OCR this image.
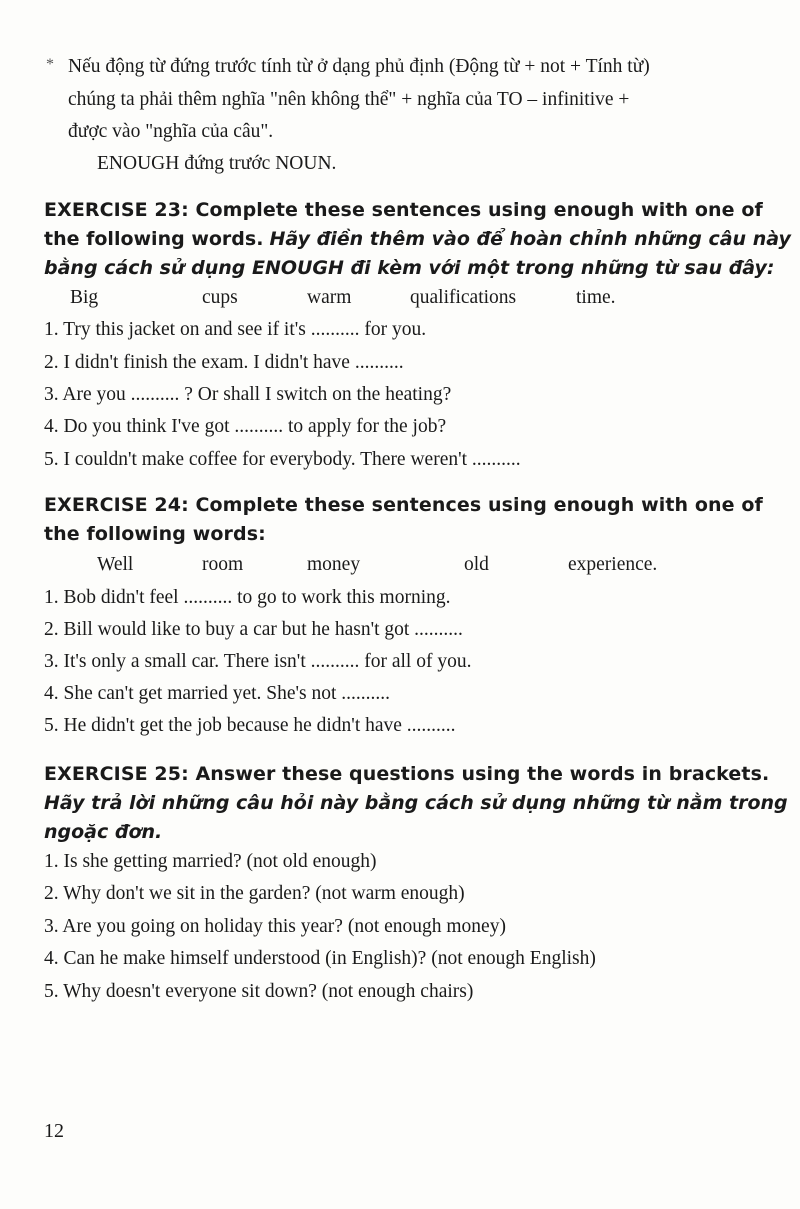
* Nếu động từ đứng trước tính từ ở dạng phủ định (Động từ + not + Tính từ)
chúng ta phải thêm nghĩa "nên không thể" + nghĩa của TO – infinitive +
được vào "nghĩa của câu".
ENOUGH đứng trước NOUN.
EXERCISE 23: Complete these sentences using enough with one of
the following words. Hãy điền thêm vào để hoàn chỉnh những câu này
bằng cách sử dụng ENOUGH đi kèm với một trong những từ sau đây:
Big	cups	warm	qualifications	time.
1. Try this jacket on and see if it's .......... for you.
2. I didn't finish the exam. I didn't have ..........
3. Are you .......... ? Or shall I switch on the heating?
4. Do you think I've got .......... to apply for the job?
5. I couldn't make coffee for everybody. There weren't ..........
EXERCISE 24: Complete these sentences using enough with one of
the following words:
Well	room	money	old	experience.
1. Bob didn't feel .......... to go to work this morning.
2. Bill would like to buy a car but he hasn't got ..........
3. It's only a small car. There isn't .......... for all of you.
4. She can't get married yet. She's not ..........
5. He didn't get the job because he didn't have ..........
EXERCISE 25: Answer these questions using the words in brackets.
Hãy trả lời những câu hỏi này bằng cách sử dụng những từ nằm trong
ngoặc đơn.
1. Is she getting married? (not old enough)
2. Why don't we sit in the garden? (not warm enough)
3. Are you going on holiday this year? (not enough money)
4. Can he make himself understood (in English)? (not enough English)
5. Why doesn't everyone sit down? (not enough chairs)
12
